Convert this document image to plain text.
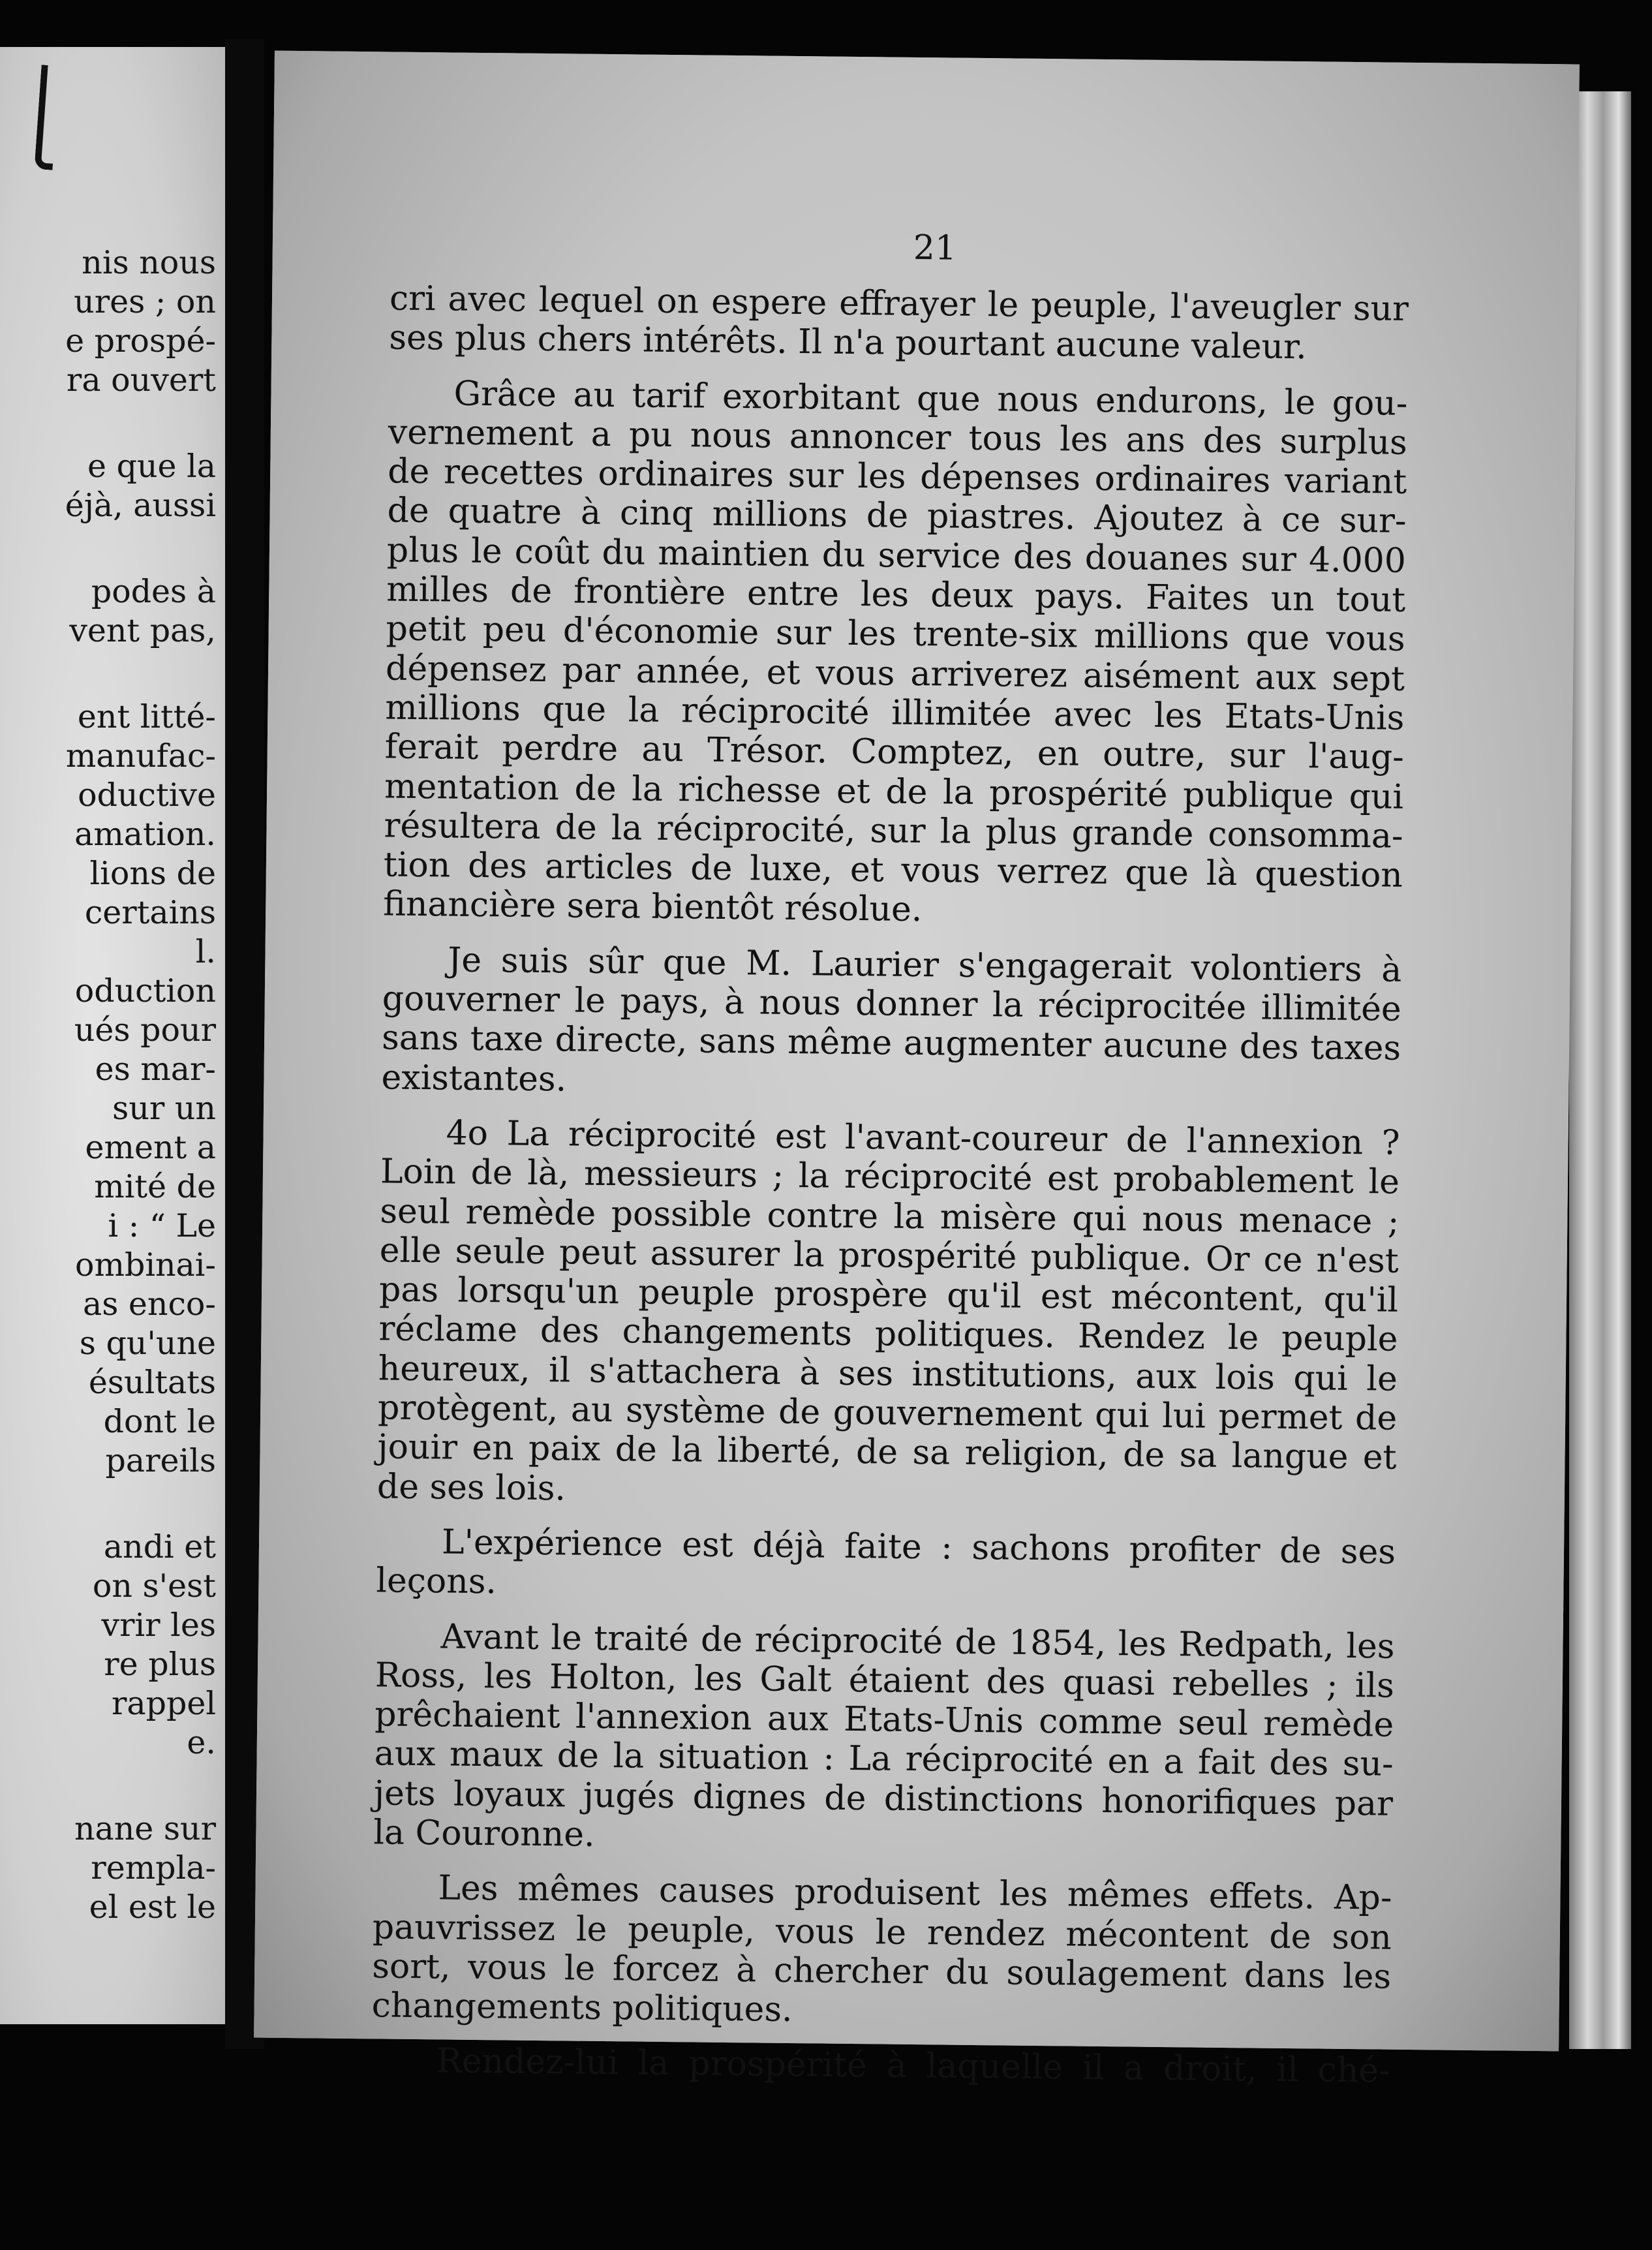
nis nous
ures ; on
e prospé-
ra ouvert
e que la
éjà, aussi
podes à
vent pas,
ent litté-
manufac-
oductive
amation.
lions de
certains
l.
oduction
ués pour
es mar-
sur un
ement a
mité de
i : “ Le
ombinai-
as enco-
s qu'une
ésultats
dont le
pareils
andi et
on s'est
vrir les
re plus
rappel
e.
nane sur
rempla-
el est le
21
cri avec lequel on espere effrayer le peuple, l'aveugler sur
ses plus chers intérêts. Il n'a pourtant aucune valeur.
Grâce au tarif exorbitant que nous endurons, le gou-
vernement a pu nous annoncer tous les ans des surplus
de recettes ordinaires sur les dépenses ordinaires variant
de quatre à cinq millions de piastres. Ajoutez à ce sur-
plus le coût du maintien du service des douanes sur 4.000
milles de frontière entre les deux pays. Faites un tout
petit peu d'économie sur les trente-six millions que vous
dépensez par année, et vous arriverez aisément aux sept
millions que la réciprocité illimitée avec les Etats-Unis
ferait perdre au Trésor. Comptez, en outre, sur l'aug-
mentation de la richesse et de la prospérité publique qui
résultera de la réciprocité, sur la plus grande consomma-
tion des articles de luxe, et vous verrez que là question
financière sera bientôt résolue.
Je suis sûr que M. Laurier s'engagerait volontiers à
gouverner le pays, à nous donner la réciprocitée illimitée
sans taxe directe, sans même augmenter aucune des taxes
existantes.
4o La réciprocité est l'avant-coureur de l'annexion ?
Loin de là, messieurs ; la réciprocité est probablement le
seul remède possible contre la misère qui nous menace ;
elle seule peut assurer la prospérité publique. Or ce n'est
pas lorsqu'un peuple prospère qu'il est mécontent, qu'il
réclame des changements politiques. Rendez le peuple
heureux, il s'attachera à ses institutions, aux lois qui le
protègent, au système de gouvernement qui lui permet de
jouir en paix de la liberté, de sa religion, de sa langue et
de ses lois.
L'expérience est déjà faite : sachons profiter de ses
leçons.
Avant le traité de réciprocité de 1854, les Redpath, les
Ross, les Holton, les Galt étaient des quasi rebelles ; ils
prêchaient l'annexion aux Etats-Unis comme seul remède
aux maux de la situation : La réciprocité en a fait des su-
jets loyaux jugés dignes de distinctions honorifiques par
la Couronne.
Les mêmes causes produisent les mêmes effets. Ap-
pauvrissez le peuple, vous le rendez mécontent de son
sort, vous le forcez à chercher du soulagement dans les
changements politiques.
Rendez-lui la prospérité à laquelle il a droit, il ché-
